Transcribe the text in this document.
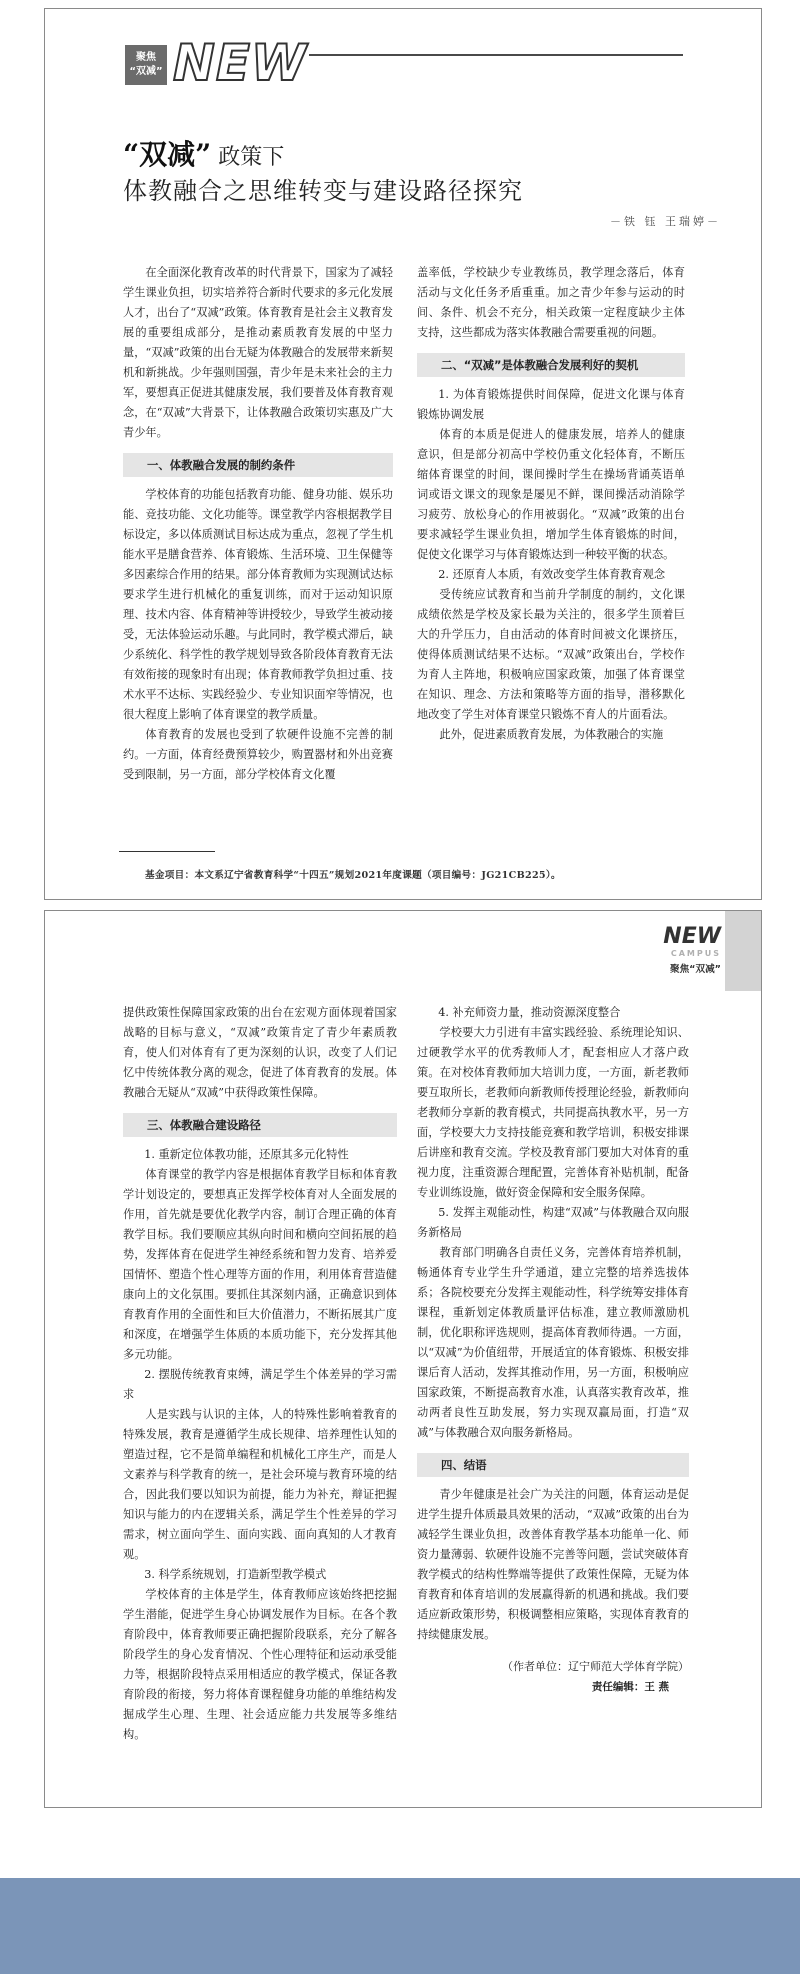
聚焦
“双减” NEW
“双减” 政策下
体教融合之思维转变与建设路径探究
－铁 钰 王瑞婷－

在全面深化教育改革的时代背景下，国家为了减轻学生课业负担，切实培养符合新时代要求的多元化发展人才，出台了“双减”政策。体育教育是社会主义教育发展的重要组成部分，是推动素质教育发展的中坚力量，“双减”政策的出台无疑为体教融合的发展带来新契机和新挑战。少年强则国强，青少年是未来社会的主力军，要想真正促进其健康发展，我们要普及体育教育观念，在“双减”大背景下，让体教融合政策切实惠及广大青少年。

一、体教融合发展的制约条件

学校体育的功能包括教育功能、健身功能、娱乐功能、竞技功能、文化功能等。课堂教学内容根据教学目标设定，多以体质测试目标达成为重点，忽视了学生机能水平是膳食营养、体育锻炼、生活环境、卫生保健等多因素综合作用的结果。部分体育教师为实现测试达标要求学生进行机械化的重复训练，而对于运动知识原理、技术内容、体育精神等讲授较少，导致学生被动接受，无法体验运动乐趣。与此同时，教学模式滞后，缺少系统化、科学性的教学规划导致各阶段体育教育无法有效衔接的现象时有出现；体育教师教学负担过重、技术水平不达标、实践经验少、专业知识面窄等情况，也很大程度上影响了体育课堂的教学质量。

体育教育的发展也受到了软硬件设施不完善的制约。一方面，体育经费预算较少，购置器材和外出竞赛受到限制，另一方面，部分学校体育文化覆

盖率低，学校缺少专业教练员，教学理念落后，体育活动与文化任务矛盾重重。加之青少年参与运动的时间、条件、机会不充分，相关政策一定程度缺少主体支持，这些都成为落实体教融合需要重视的问题。

二、“双减”是体教融合发展利好的契机

1. 为体育锻炼提供时间保障，促进文化课与体育锻炼协调发展

体育的本质是促进人的健康发展，培养人的健康意识，但是部分初高中学校仍重文化轻体育，不断压缩体育课堂的时间，课间操时学生在操场背诵英语单词或语文课文的现象是屡见不鲜，课间操活动消除学习疲劳、放松身心的作用被弱化。“双减”政策的出台要求减轻学生课业负担，增加学生体育锻炼的时间，促使文化课学习与体育锻炼达到一种较平衡的状态。

2. 还原育人本质，有效改变学生体育教育观念

受传统应试教育和当前升学制度的制约，文化课成绩依然是学校及家长最为关注的，很多学生顶着巨大的升学压力，自由活动的体育时间被文化课挤压，使得体质测试结果不达标。“双减”政策出台，学校作为育人主阵地，积极响应国家政策，加强了体育课堂在知识、理念、方法和策略等方面的指导，潜移默化地改变了学生对体育课堂只锻炼不育人的片面看法。

此外，促进素质教育发展，为体教融合的实施

基金项目：本文系辽宁省教育科学“十四五”规划2021年度课题（项目编号：JG21CB225）。
NEW
CAMPUS
聚焦“双减”

提供政策性保障国家政策的出台在宏观方面体现着国家战略的目标与意义，“双减”政策肯定了青少年素质教育，使人们对体育有了更为深刻的认识，改变了人们记忆中传统体教分离的观念，促进了体育教育的发展。体教融合无疑从“双减”中获得政策性保障。

三、体教融合建设路径

1. 重新定位体教功能，还原其多元化特性

体育课堂的教学内容是根据体育教学目标和体育教学计划设定的，要想真正发挥学校体育对人全面发展的作用，首先就是要优化教学内容，制订合理正确的体育教学目标。我们要顺应其纵向时间和横向空间拓展的趋势，发挥体育在促进学生神经系统和智力发育、培养爱国情怀、塑造个性心理等方面的作用，利用体育营造健康向上的文化氛围。要抓住其深刻内涵，正确意识到体育教育作用的全面性和巨大价值潜力，不断拓展其广度和深度，在增强学生体质的本质功能下，充分发挥其他多元功能。

2. 摆脱传统教育束缚，满足学生个体差异的学习需求

人是实践与认识的主体，人的特殊性影响着教育的特殊发展，教育是遵循学生成长规律、培养理性认知的塑造过程，它不是简单编程和机械化工序生产，而是人文素养与科学教育的统一，是社会环境与教育环境的结合，因此我们要以知识为前提，能力为补充，辩证把握知识与能力的内在逻辑关系，满足学生个性差异的学习需求，树立面向学生、面向实践、面向真知的人才教育观。

3. 科学系统规划，打造新型教学模式

学校体育的主体是学生，体育教师应该始终把挖掘学生潜能，促进学生身心协调发展作为目标。在各个教育阶段中，体育教师要正确把握阶段联系，充分了解各阶段学生的身心发育情况、个性心理特征和运动承受能力等，根据阶段特点采用相适应的教学模式，保证各教育阶段的衔接，努力将体育课程健身功能的单维结构发掘成学生心理、生理、社会适应能力共发展等多维结构。

4. 补充师资力量，推动资源深度整合

学校要大力引进有丰富实践经验、系统理论知识、过硬教学水平的优秀教师人才，配套相应人才落户政策。在对校体育教师加大培训力度，一方面，新老教师要互取所长，老教师向新教师传授理论经验，新教师向老教师分享新的教育模式，共同提高执教水平，另一方面，学校要大力支持技能竞赛和教学培训，积极安排课后讲座和教育交流。学校及教育部门要加大对体育的重视力度，注重资源合理配置，完善体育补贴机制，配备专业训练设施，做好资金保障和安全服务保障。

5. 发挥主观能动性，构建“双减”与体教融合双向服务新格局

教育部门明确各自责任义务，完善体育培养机制，畅通体育专业学生升学通道，建立完整的培养选拔体系；各院校要充分发挥主观能动性，科学统筹安排体育课程，重新划定体教质量评估标准，建立教师激励机制，优化职称评选规则，提高体育教师待遇。一方面，以“双减”为价值纽带，开展适宜的体育锻炼、积极安排课后育人活动，发挥其推动作用，另一方面，积极响应国家政策，不断提高教育水准，认真落实教育改革，推动两者良性互助发展，努力实现双赢局面，打造“双减”与体教融合双向服务新格局。

四、结语

青少年健康是社会广为关注的问题，体育运动是促进学生提升体质最具效果的活动，“双减”政策的出台为减轻学生课业负担，改善体育教学基本功能单一化、师资力量薄弱、软硬件设施不完善等问题，尝试突破体育教学模式的结构性弊端等提供了政策性保障，无疑为体育教育和体育培训的发展赢得新的机遇和挑战。我们要适应新政策形势，积极调整相应策略，实现体育教育的持续健康发展。

（作者单位：辽宁师范大学体育学院）

责任编辑：王 燕
